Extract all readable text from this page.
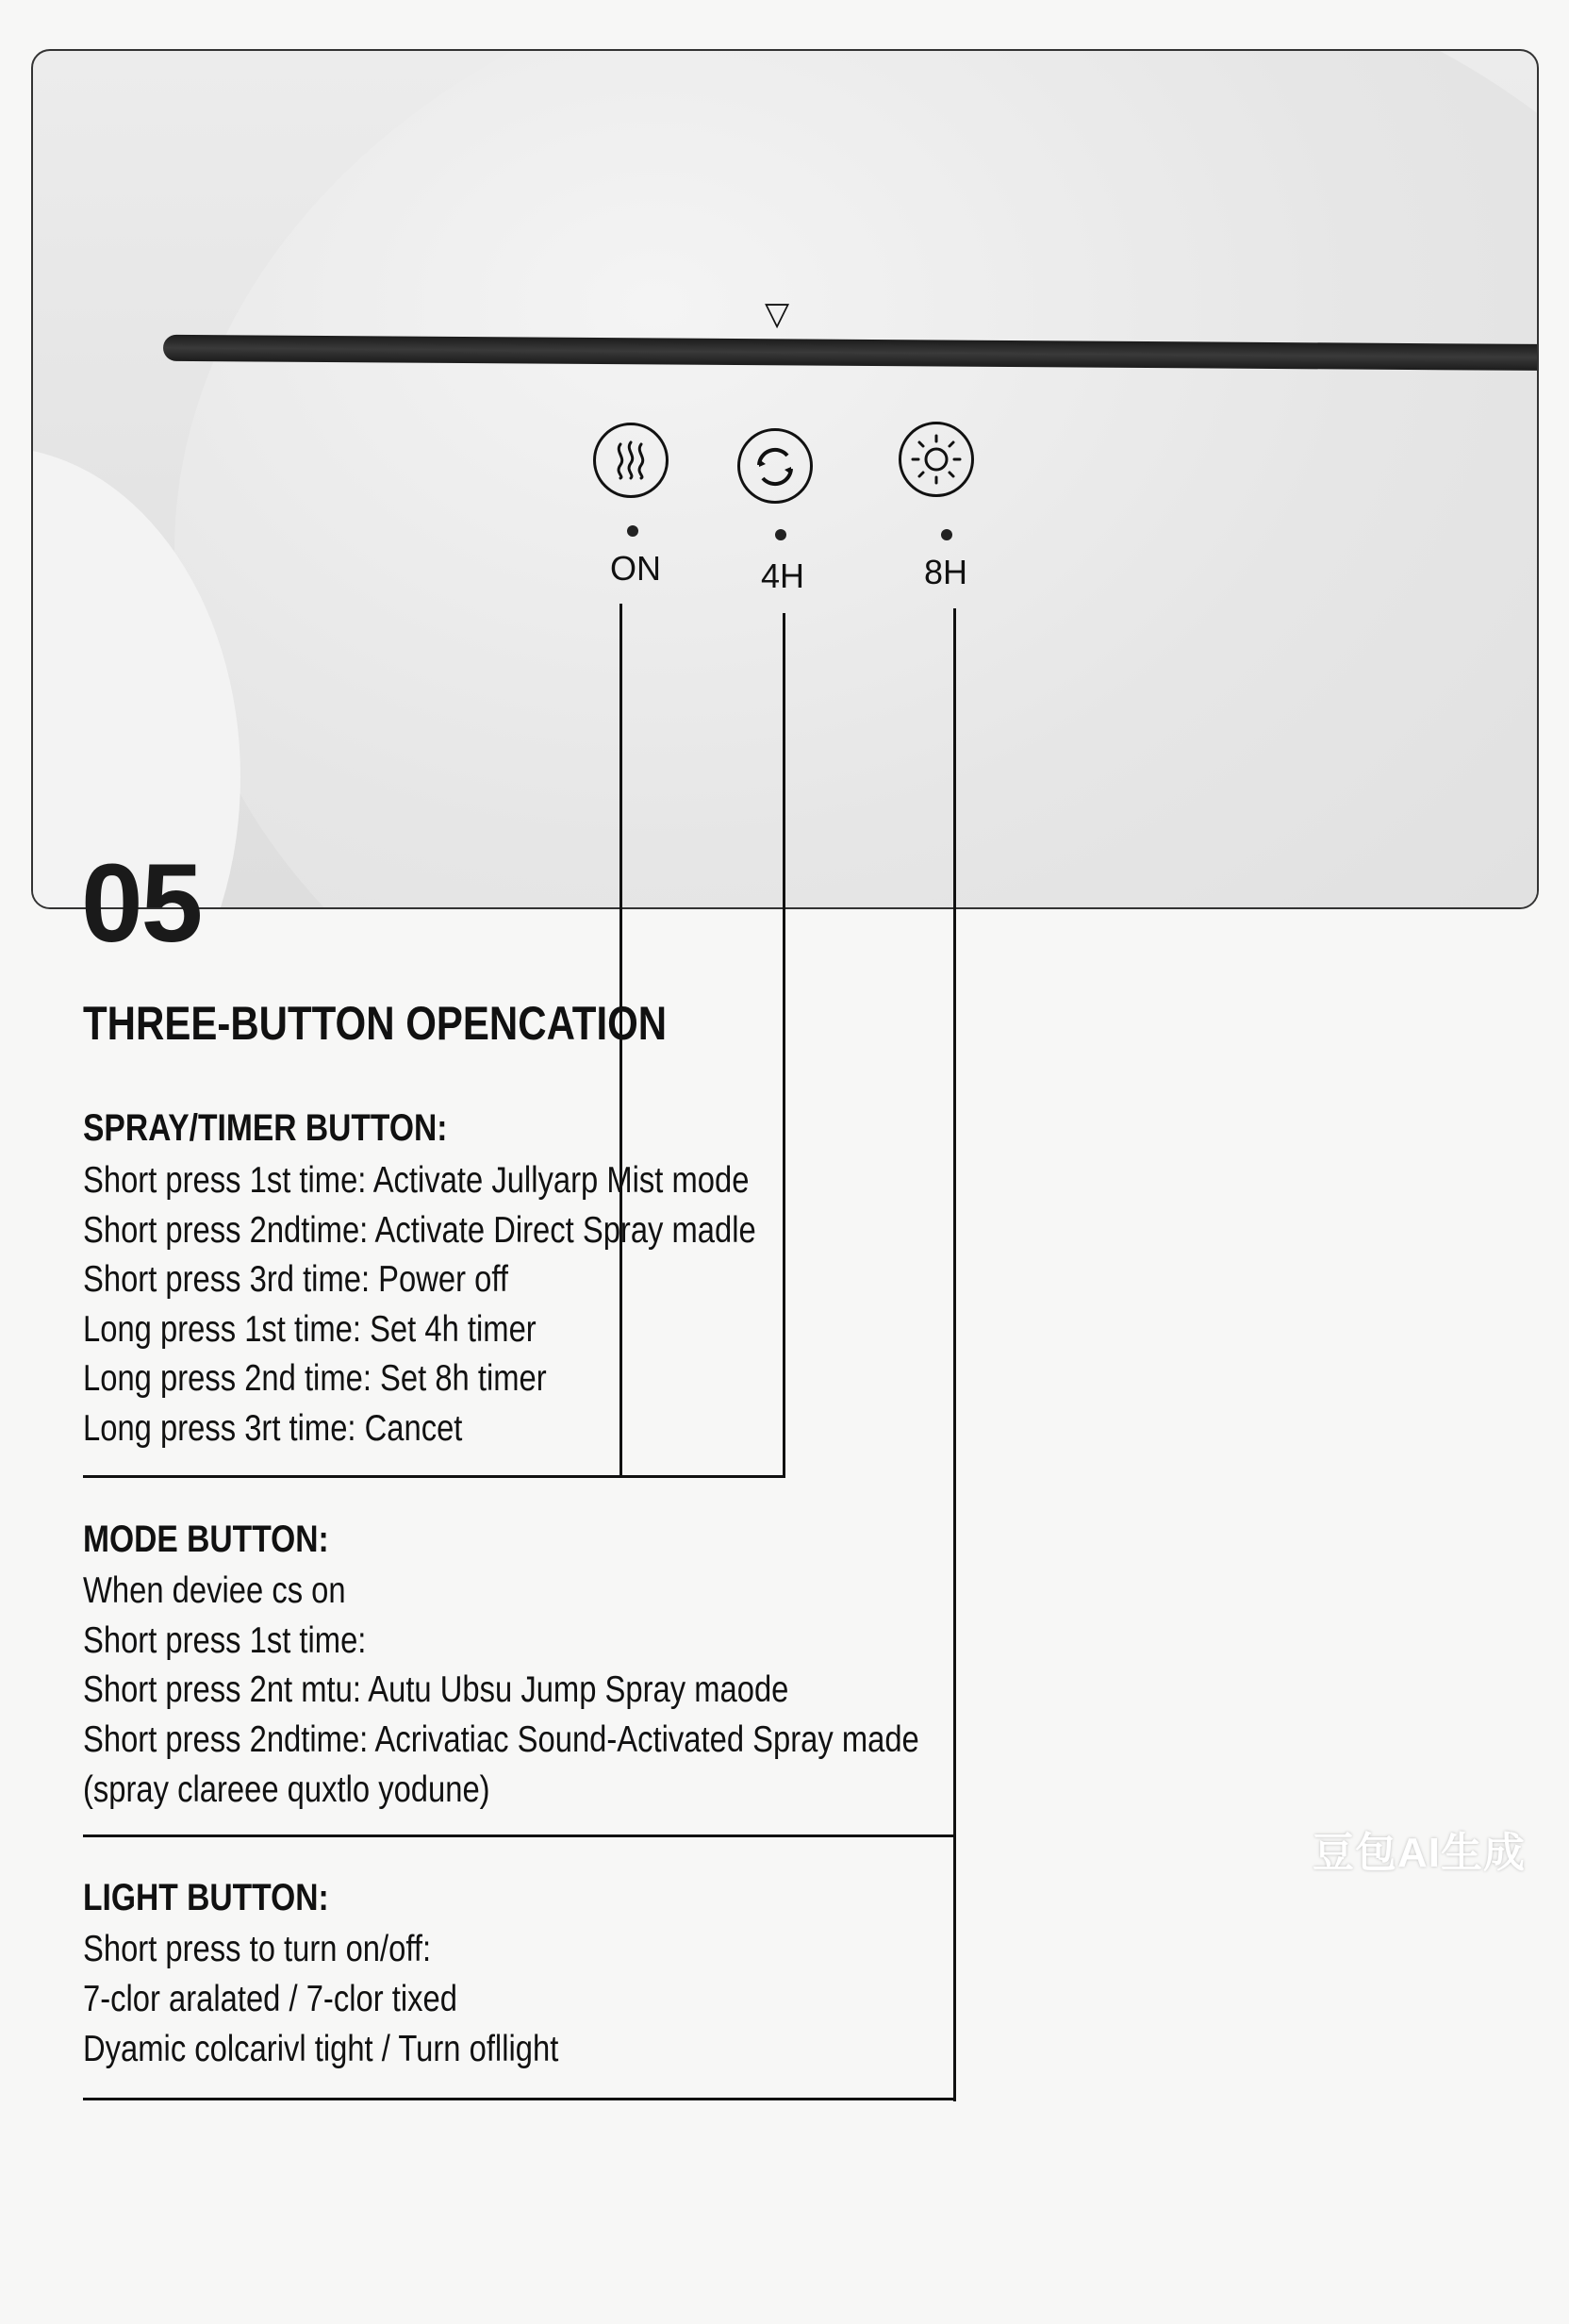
▽
ON	4H	8H
05
THREE-BUTTON OPENCATION
SPRAY/TIMER BUTTON:
Short press 1st time: Activate Jullyarp Mist mode
Short press 2ndtime: Activate Direct Spray madle
Short press 3rd time: Power off
Long press 1st time: Set 4h timer
Long press 2nd time: Set 8h timer
Long press 3rt time: Cancet
MODE BUTTON:
When deviee cs on
Short press 1st time:
Short press 2nt mtu: Autu Ubsu Jump Spray maode
Short press 2ndtime: Acrivatiac Sound-Activated Spray made
(spray clareee quxtlo yodune)
LIGHT BUTTON:
Short press to turn on/off:
7-clor aralated / 7-clor tixed
Dyamic colcarivl tight / Turn ofllight
豆包AI生成
